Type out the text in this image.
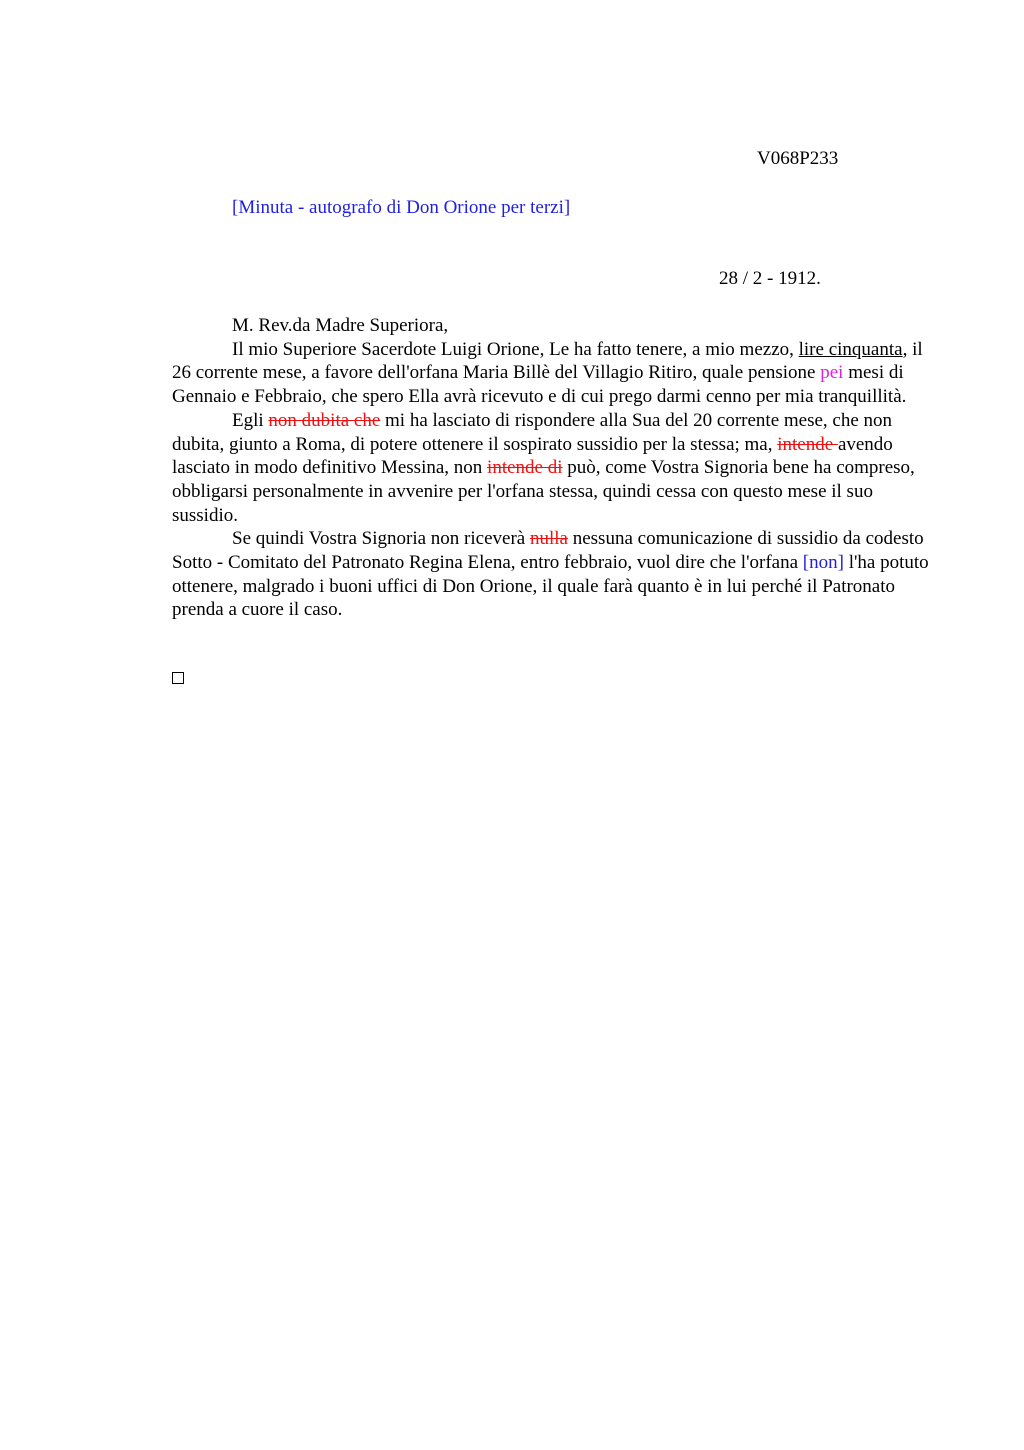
V068P233
[Minuta - autografo di Don Orione per terzi]
28 / 2 - 1912.

M. Rev.da Madre Superiora,

Il mio Superiore Sacerdote Luigi Orione, Le ha fatto tenere, a mio mezzo, lire cinquanta, il 26 corrente mese, a favore dell'orfana Maria Billè del Villagio Ritiro, quale pensione pei mesi di Gennaio e Febbraio, che spero Ella avrà ricevuto e di cui prego darmi cenno per mia tranquillità.

Egli non dubita che mi ha lasciato di rispondere alla Sua del 20 corrente mese, che non dubita, giunto a Roma, di potere ottenere il sospirato sussidio per la stessa; ma, intende avendo lasciato in modo definitivo Messina, non intende di può, come Vostra Signoria bene ha compreso, obbligarsi personalmente in avvenire per l'orfana stessa, quindi cessa con questo mese il suo sussidio.

Se quindi Vostra Signoria non riceverà nulla nessuna comunicazione di sussidio da codesto Sotto - Comitato del Patronato Regina Elena, entro febbraio, vuol dire che l'orfana [non] l'ha potuto ottenere, malgrado i buoni uffici di Don Orione, il quale farà quanto è in lui perché il Patronato prenda a cuore il caso.
